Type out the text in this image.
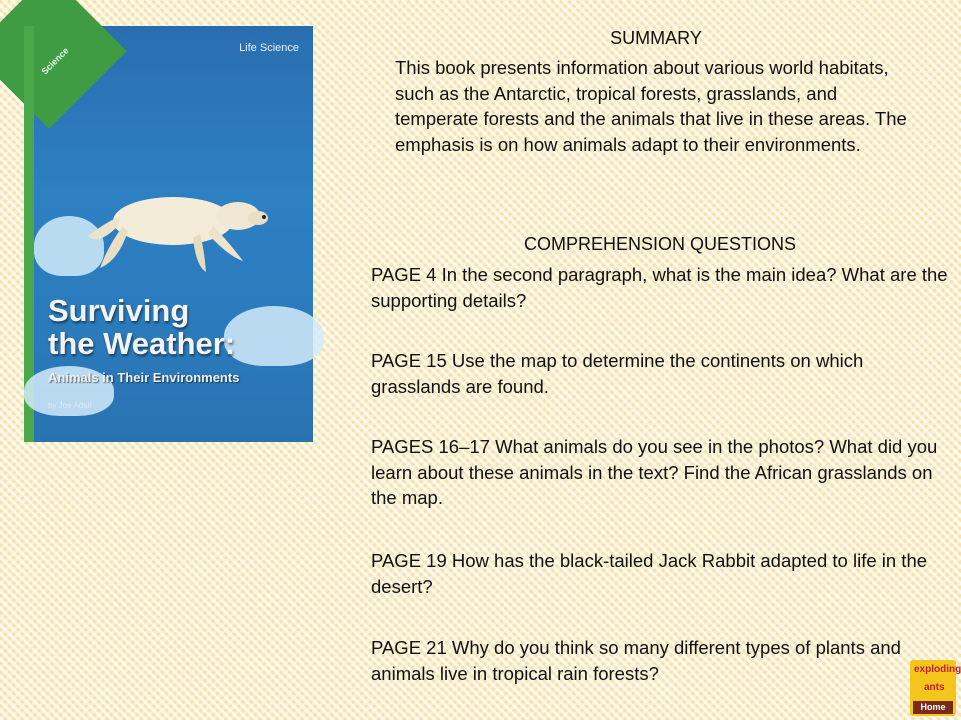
Science	Life Science
Surviving
the Weather:
Animals in Their Environments
by Joe Adair
SUMMARY
This book presents information about various world habitats, such as the Antarctic, tropical forests, grasslands, and temperate forests and the animals that live in these areas. The emphasis is on how animals adapt to their environments.
COMPREHENSION QUESTIONS
PAGE 4 In the second paragraph, what is the main idea? What are the supporting details?
PAGE 15 Use the map to determine the continents on which grasslands are found.
PAGES 16–17 What animals do you see in the photos? What did you learn about these animals in the text? Find the African grasslands on the map.
PAGE 19 How has the black-tailed Jack Rabbit adapted to life in the desert?
PAGE 21 Why do you think so many different types of plants and animals live in tropical rain forests?	exploding
ants
Home
